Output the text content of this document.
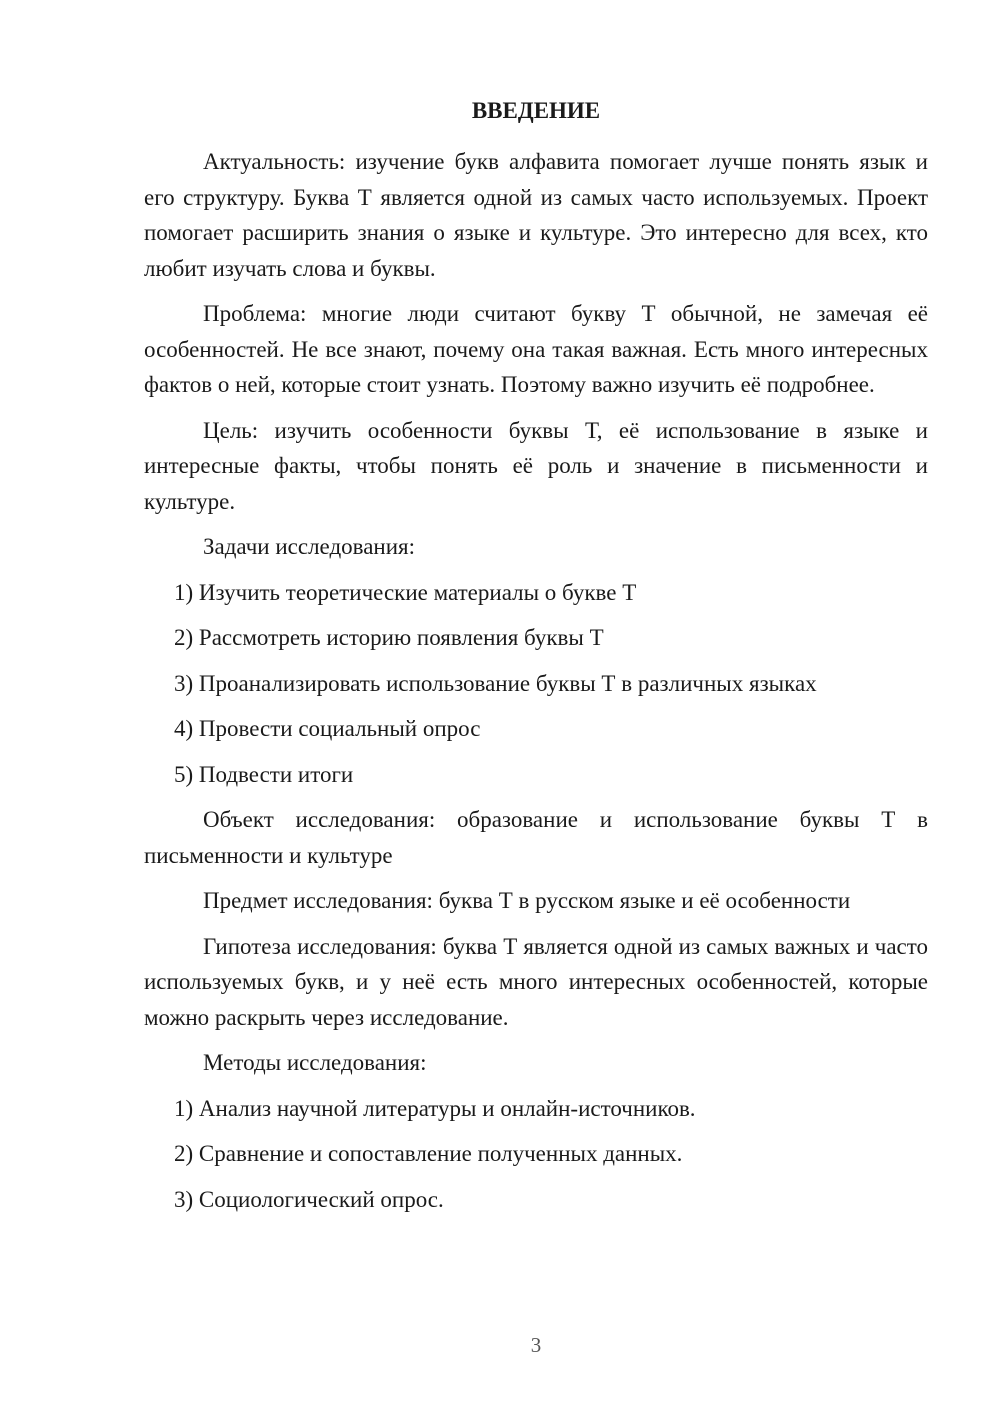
ВВЕДЕНИЕ

Актуальность: изучение букв алфавита помогает лучше понять язык и его структуру. Буква Т является одной из самых часто используемых. Проект помогает расширить знания о языке и культуре. Это интересно для всех, кто любит изучать слова и буквы.

Проблема: многие люди считают букву Т обычной, не замечая её особенностей. Не все знают, почему она такая важная. Есть много интересных фактов о ней, которые стоит узнать. Поэтому важно изучить её подробнее.

Цель: изучить особенности буквы Т, её использование в языке и интересные факты, чтобы понять её роль и значение в письменности и культуре.

Задачи исследования:

1) Изучить теоретические материалы о букве Т
2) Рассмотреть историю появления буквы Т
3) Проанализировать использование буквы Т в различных языках
4) Провести социальный опрос
5) Подвести итоги

Объект исследования: образование и использование буквы Т в письменности и культуре

Предмет исследования: буква Т в русском языке и её особенности

Гипотеза исследования: буква Т является одной из самых важных и часто используемых букв, и у неё есть много интересных особенностей, которые можно раскрыть через исследование.

Методы исследования:

1) Анализ научной литературы и онлайн-источников.
2) Сравнение и сопоставление полученных данных.
3) Социологический опрос.
3
